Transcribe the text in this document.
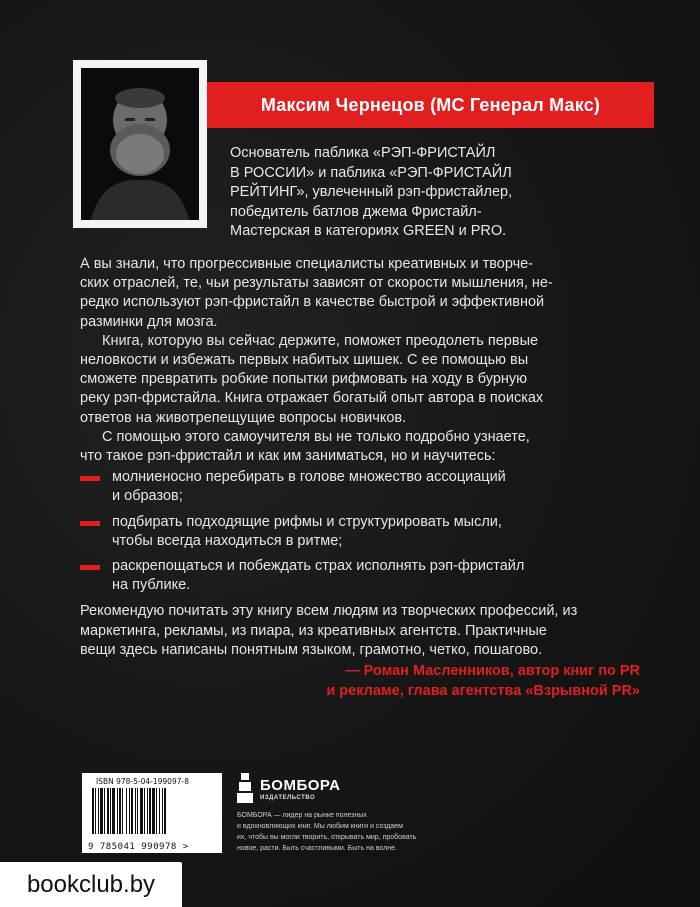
Максим Чернецов (МС Генерал Макс)
Основатель паблика «РЭП-ФРИСТАЙЛ
В РОССИИ» и паблика «РЭП-ФРИСТАЙЛ
РЕЙТИНГ», увлеченный рэп-фристайлер,
победитель батлов джема Фристайл-
Мастерская в категориях GREEN и PRO.

А вы знали, что прогрессивные специалисты креативных и творче-
ских отраслей, те, чьи результаты зависят от скорости мышления, не-
редко используют рэп-фристайл в качестве быстрой и эффективной
разминки для мозга.

Книга, которую вы сейчас держите, поможет преодолеть первые
неловкости и избежать первых набитых шишек. С ее помощью вы
сможете превратить робкие попытки рифмовать на ходу в бурную
реку рэп-фристайла. Книга отражает богатый опыт автора в поисках
ответов на животрепещущие вопросы новичков.

С помощью этого самоучителя вы не только подробно узнаете,
что такое рэп-фристайл и как им заниматься, но и научитесь:

молниеносно перебирать в голове множество ассоциаций
и образов;
подбирать подходящие рифмы и структурировать мысли,
чтобы всегда находиться в ритме;
раскрепощаться и побеждать страх исполнять рэп-фристайл
на публике.
Рекомендую почитать эту книгу всем людям из творческих профессий, из
маркетинга, рекламы, из пиара, из креативных агентств. Практичные
вещи здесь написаны понятным языком, грамотно, четко, пошагово.
— Роман Масленников, автор книг по PR
и рекламе, глава агентства «Взрывной PR»
ISBN 978-5-04-199097-8
9 785041 990978 >
БОМБОРА
ИЗДАТЕЛЬСТВО
БОМБОРА — лидер на рынке полезных
и вдохновляющих книг. Мы любим книги и создаем
их, чтобы вы могли творить, открывать мир, пробовать
новое, расти. Быть счастливыми. Быть на волне.
bookclub.by
